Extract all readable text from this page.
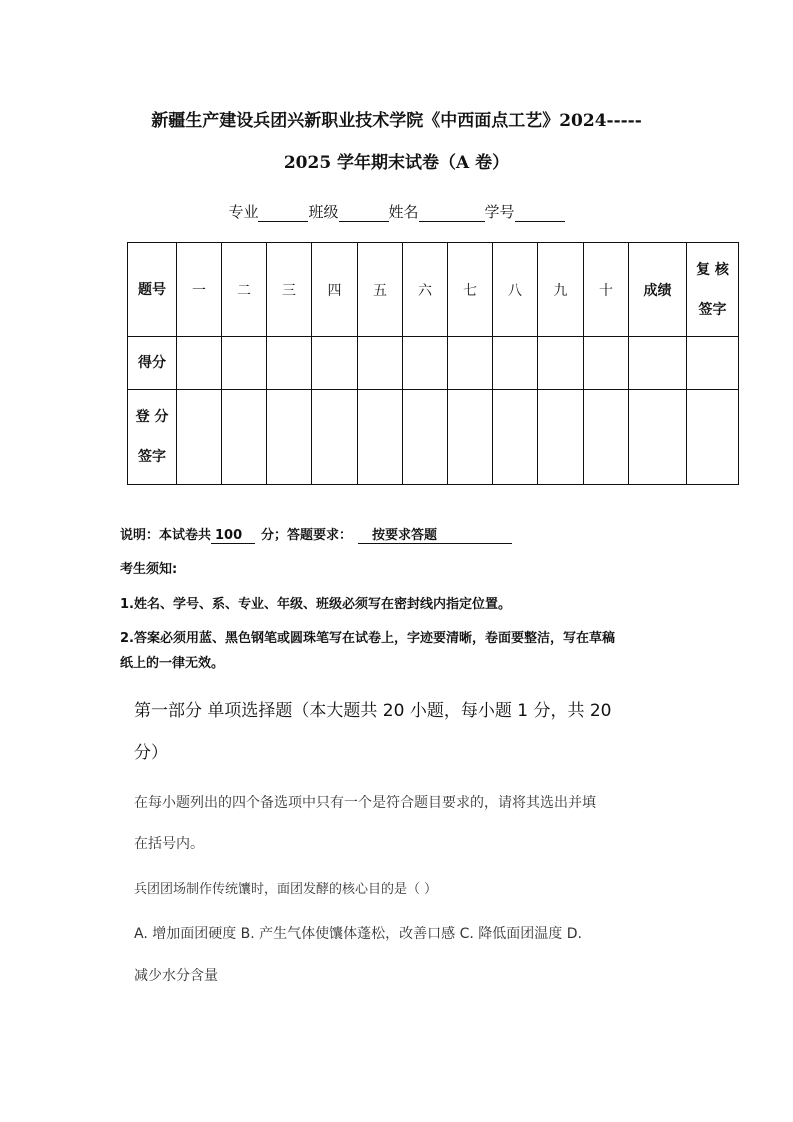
新疆生产建设兵团兴新职业技术学院《中西面点工艺》2024-----
2025 学年期末试卷（A 卷）
专业	班级	姓名	学号
题号	一	二	三	四	五	六	七	八	九	十	成绩	复 核
签字

得分												

登 分
签字												

说明：本试卷共 100 分；答题要求： 按要求答题
考生须知:
1.姓名、学号、系、专业、年级、班级必须写在密封线内指定位置。
2.答案必须用蓝、黑色钢笔或圆珠笔写在试卷上，字迹要清晰，卷面要整洁，写在草稿
纸上的一律无效。
第一部分 单项选择题（本大题共 20 小题，每小题 1 分，共 20
分）
在每小题列出的四个备选项中只有一个是符合题目要求的，请将其选出并填
在括号内。
兵团团场制作传统馕时，面团发酵的核心目的是（ ）
A. 增加面团硬度 B. 产生气体使馕体蓬松，改善口感 C. 降低面团温度 D.
减少水分含量
